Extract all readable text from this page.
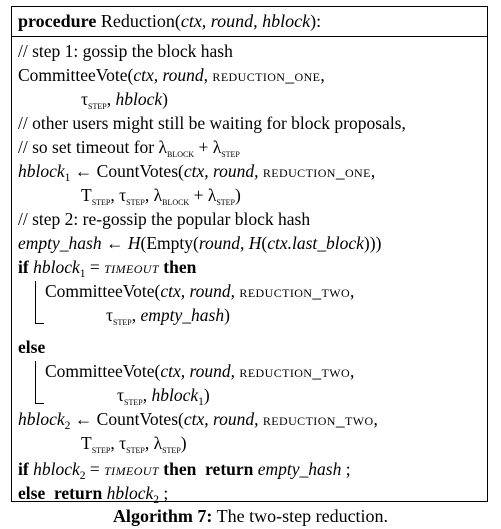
procedure Reduction(ctx, round, hblock):
// step 1: gossip the block hash
CommitteeVote(ctx, round, reduction_one,
$\tau_{step}$, hblock)
// other users might still be waiting for block proposals,
// so set timeout for $\lambda_{block} + \lambda_{step}$
hblock$_1$ ← CountVotes(ctx, round, reduction_one,
$T_{step}$, $\tau_{step}$, $\lambda_{block} + \lambda_{step}$)
// step 2: re-gossip the popular block hash
empty_hash ← H(Empty(round, H(ctx.last_block)))
if hblock$_1$ = timeout then
CommitteeVote(ctx, round, reduction_two,
$\tau_{step}$, empty_hash)
else
CommitteeVote(ctx, round, reduction_two,
$\tau_{step}$, hblock$_1$)
hblock$_2$ ← CountVotes(ctx, round, reduction_two,
$T_{step}$, $\tau_{step}$, $\lambda_{step}$)
if hblock$_2$ = timeout then return empty_hash ;
else return hblock$_2$ ;
Algorithm 7: The two-step reduction.
